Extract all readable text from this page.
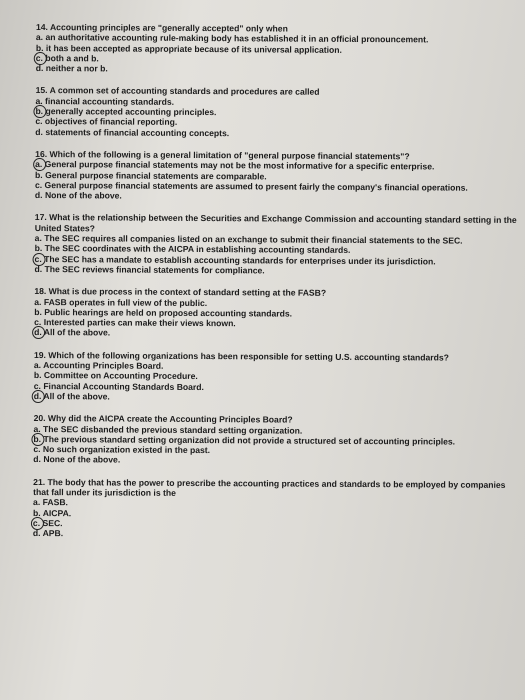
14. Accounting principles are "generally accepted" only when

a. an authoritative accounting rule-making body has established it in an official pronouncement.
b. it has been accepted as appropriate because of its universal application.
c. both a and b.
d. neither a nor b.

15. A common set of accounting standards and procedures are called

a. financial accounting standards.
b. generally accepted accounting principles.
c. objectives of financial reporting.
d. statements of financial accounting concepts.

16. Which of the following is a general limitation of "general purpose financial statements"?

a. General purpose financial statements may not be the most informative for a specific enterprise.
b. General purpose financial statements are comparable.
c. General purpose financial statements are assumed to present fairly the company's financial operations.
d. None of the above.

17. What is the relationship between the Securities and Exchange Commission and accounting standard setting in the United States?

a. The SEC requires all companies listed on an exchange to submit their financial statements to the SEC.
b. The SEC coordinates with the AICPA in establishing accounting standards.
c. The SEC has a mandate to establish accounting standards for enterprises under its jurisdiction.
d. The SEC reviews financial statements for compliance.

18. What is due process in the context of standard setting at the FASB?

a. FASB operates in full view of the public.
b. Public hearings are held on proposed accounting standards.
c. Interested parties can make their views known.
d. All of the above.

19. Which of the following organizations has been responsible for setting U.S. accounting standards?

a. Accounting Principles Board.
b. Committee on Accounting Procedure.
c. Financial Accounting Standards Board.
d. All of the above.

20. Why did the AICPA create the Accounting Principles Board?

a. The SEC disbanded the previous standard setting organization.
b. The previous standard setting organization did not provide a structured set of accounting principles.
c. No such organization existed in the past.
d. None of the above.

21. The body that has the power to prescribe the accounting practices and standards to be employed by companies that fall under its jurisdiction is the

a. FASB.
b. AICPA.
c. SEC.
d. APB.
